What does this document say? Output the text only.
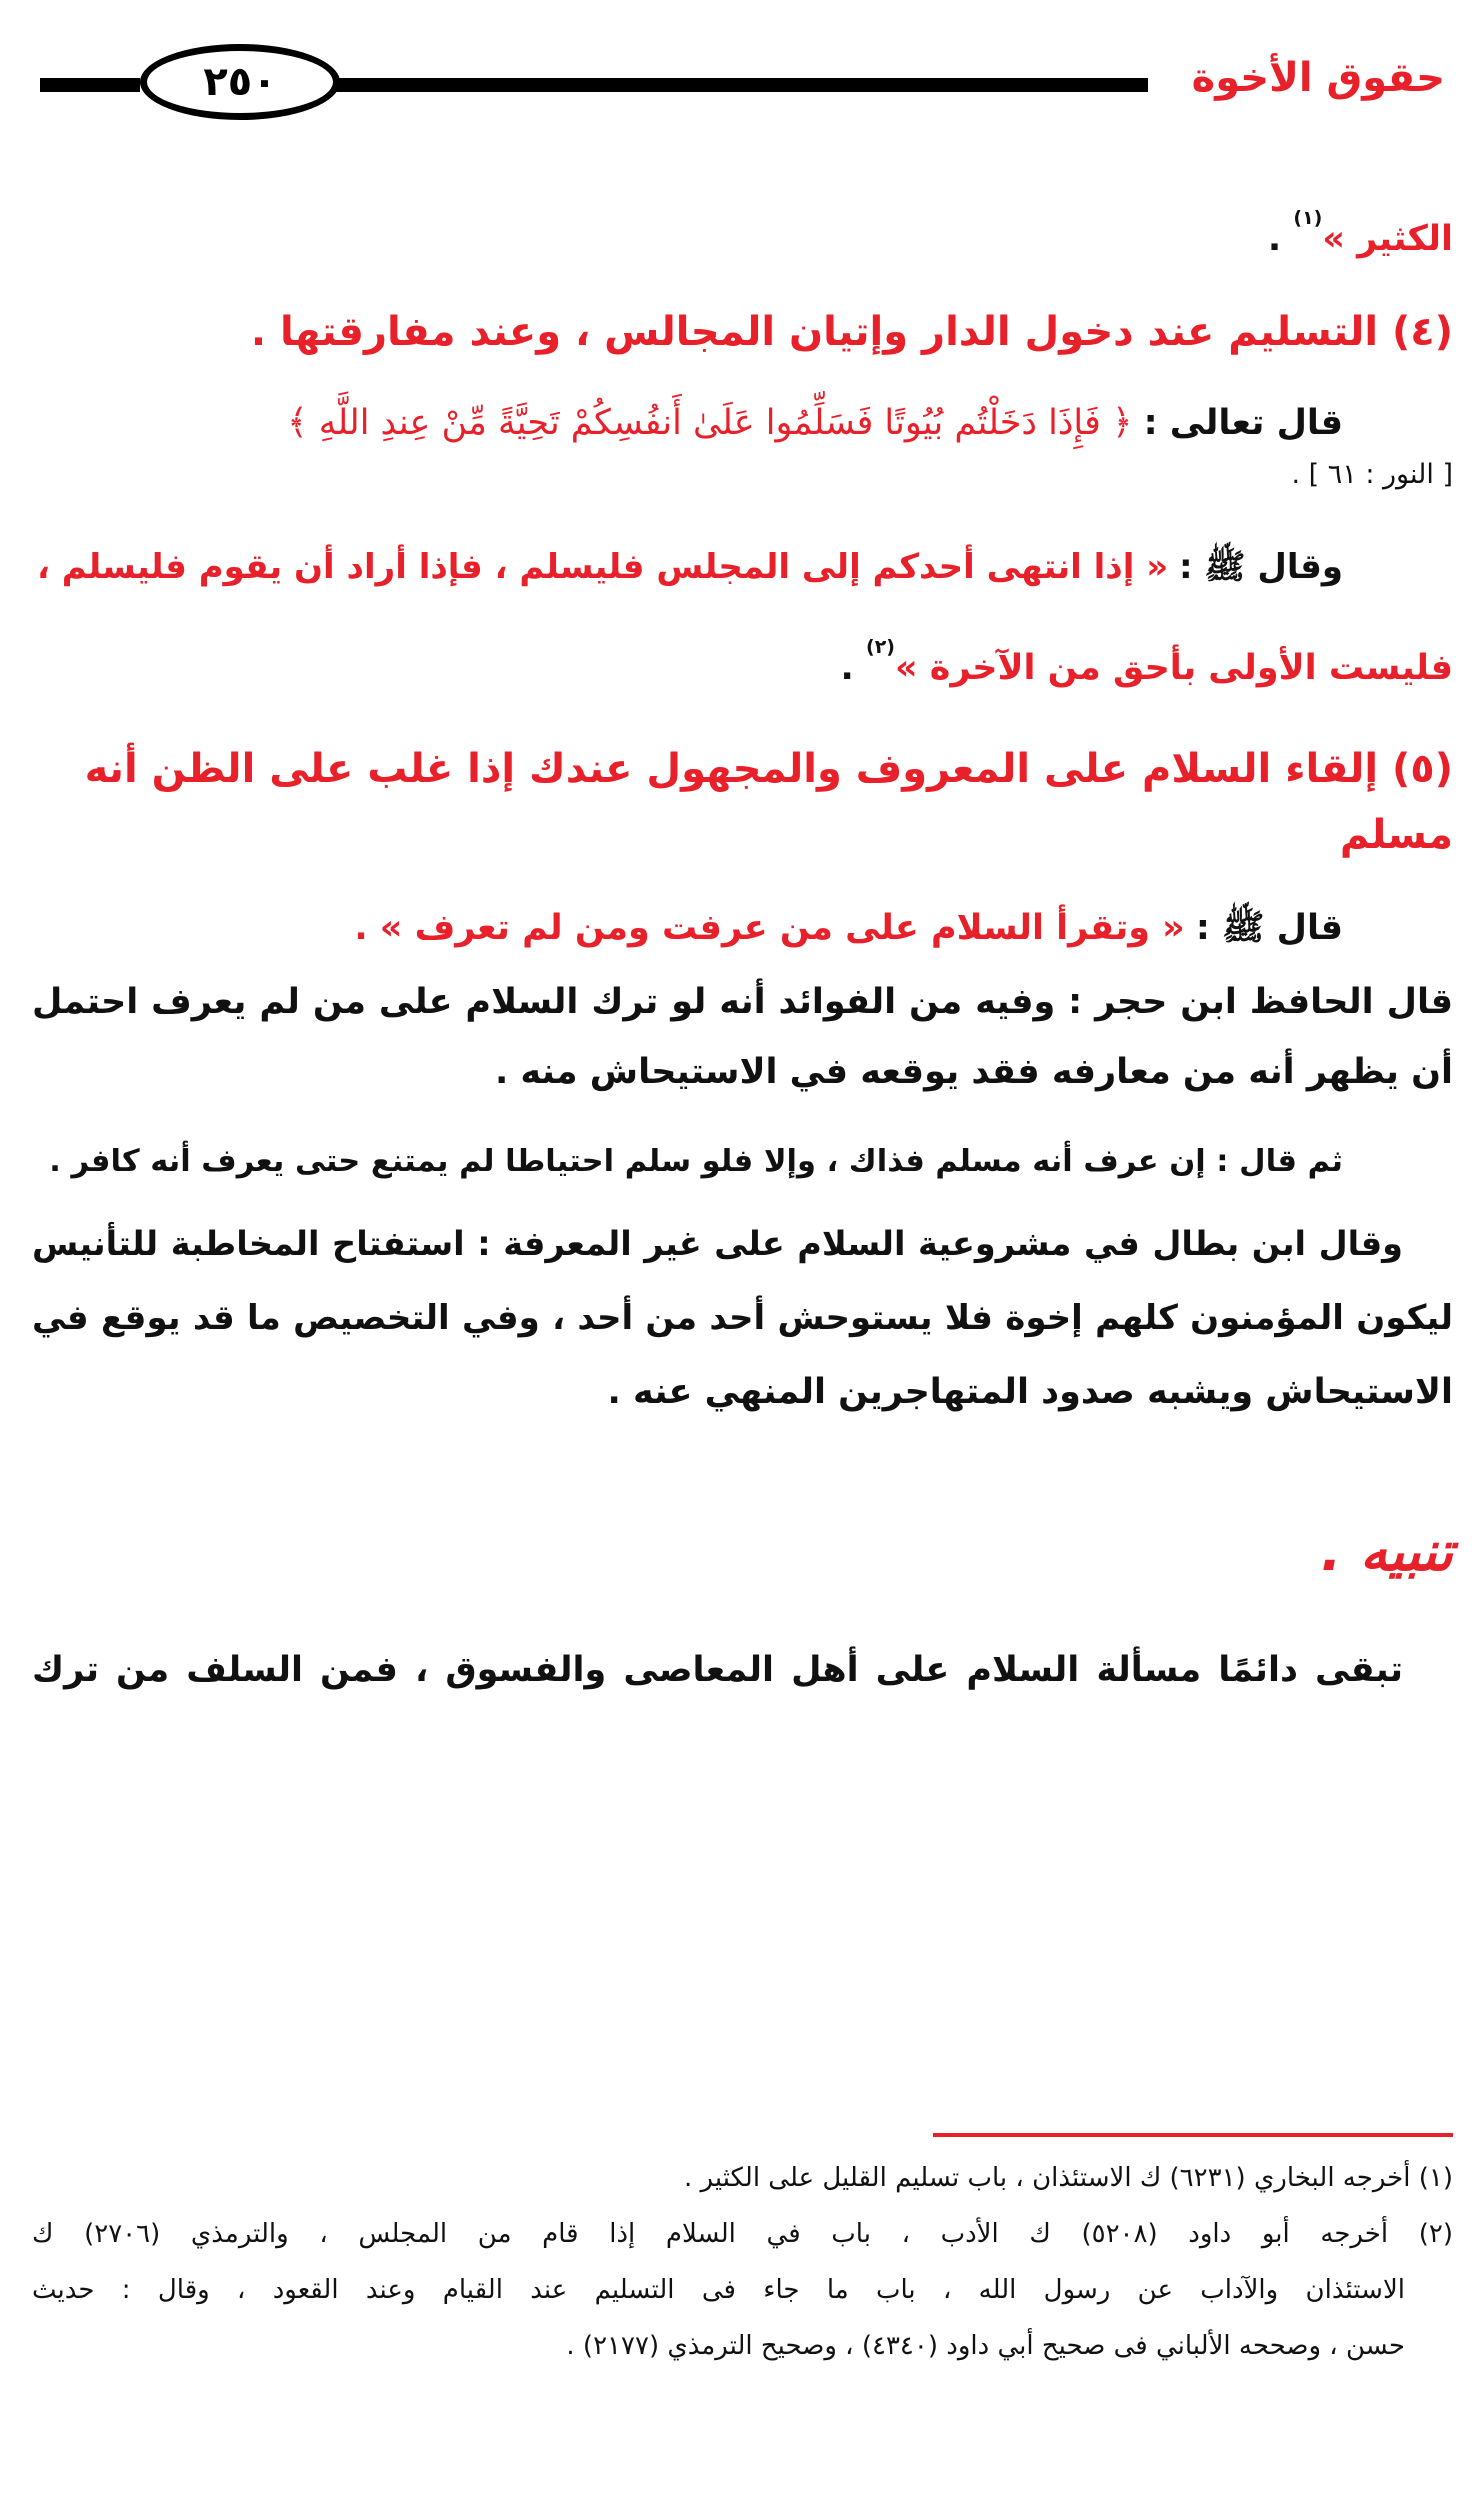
حقوق الأخوة
٢٥٠
الكثير »$^{(١)}$ .
(٤) التسليم عند دخول الدار وإتيان المجالس ، وعند مفارقتها .
قال تعالى : ﴿ فَإِذَا دَخَلْتُم بُيُوتًا فَسَلِّمُوا عَلَىٰ أَنفُسِكُمْ تَحِيَّةً مِّنْ عِندِ اللَّهِ ﴾
[ النور : ٦١ ] .
وقال ﷺ : « إذا انتهى أحدكم إلى المجلس فليسلم ، فإذا أراد أن يقوم فليسلم ،
فليست الأولى بأحق من الآخرة »$^{(٢)}$ .
(٥) إلقاء السلام على المعروف والمجهول عندك إذا غلب على الظن أنه
مسلم
قال ﷺ : « وتقرأ السلام على من عرفت ومن لم تعرف » .
قال الحافظ ابن حجر : وفيه من الفوائد أنه لو ترك السلام على من لم يعرف احتمل
أن يظهر أنه من معارفه فقد يوقعه في الاستيحاش منه .
ثم قال : إن عرف أنه مسلم فذاك ، وإلا فلو سلم احتياطا لم يمتنع حتى يعرف أنه كافر .
وقال ابن بطال في مشروعية السلام على غير المعرفة : استفتاح المخاطبة للتأنيس
ليكون المؤمنون كلهم إخوة فلا يستوحش أحد من أحد ، وفي التخصيص ما قد يوقع في
الاستيحاش ويشبه صدود المتهاجرين المنهي عنه .
تنبيه .
تبقى دائمًا مسألة السلام على أهل المعاصى والفسوق ، فمن السلف من ترك
(١) أخرجه البخاري (٦٢٣١) ك الاستئذان ، باب تسليم القليل على الكثير .
(٢) أخرجه أبو داود (٥٢٠٨) ك الأدب ، باب في السلام إذا قام من المجلس ، والترمذي (٢٧٠٦) ك
الاستئذان والآداب عن رسول الله ، باب ما جاء فى التسليم عند القيام وعند القعود ، وقال : حديث
حسن ، وصححه الألباني فى صحيح أبي داود (٤٣٤٠) ، وصحيح الترمذي (٢١٧٧) .
